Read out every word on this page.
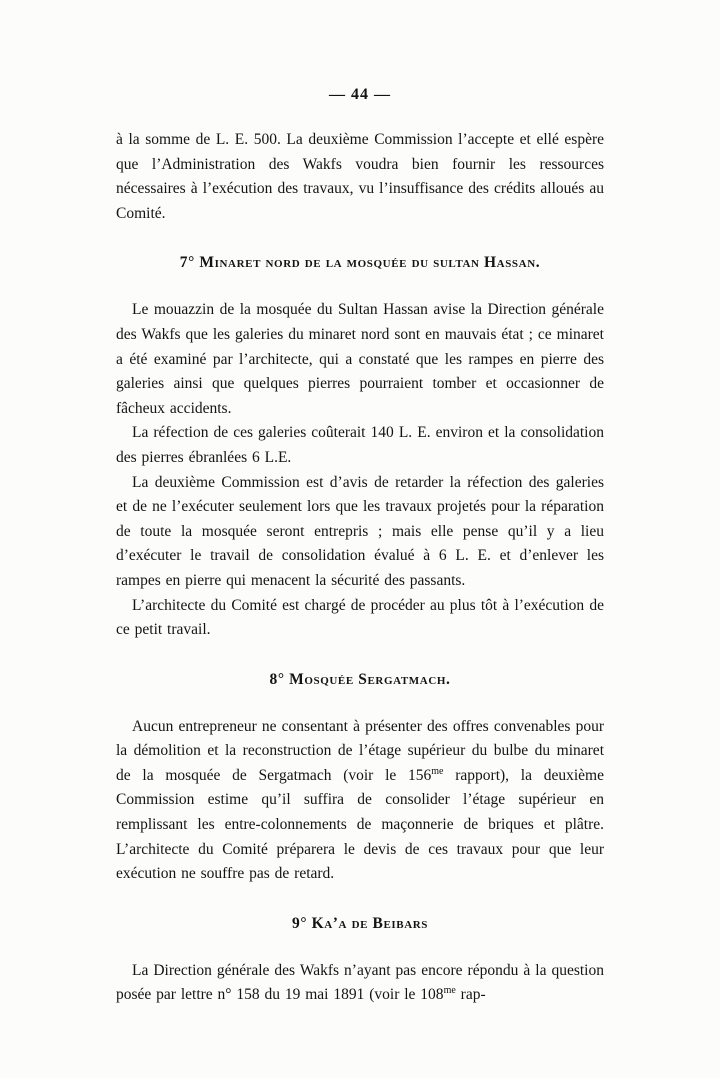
— 44 —

à la somme de L. E. 500. La deuxième Commission l’accepte et ellé espère que l’Administration des Wakfs voudra bien fournir les ressources nécessaires à l’exécution des travaux, vu l’insuffisance des crédits alloués au Comité.

7° Minaret nord de la mosquée du sultan Hassan.

Le mouazzin de la mosquée du Sultan Hassan avise la Direction générale des Wakfs que les galeries du minaret nord sont en mauvais état ; ce minaret a été examiné par l’architecte, qui a constaté que les rampes en pierre des galeries ainsi que quelques pierres pourraient tomber et occasionner de fâcheux accidents.

La réfection de ces galeries coûterait 140 L. E. environ et la consolidation des pierres ébranlées 6 L.E.

La deuxième Commission est d’avis de retarder la réfection des galeries et de ne l’exécuter seulement lors que les travaux projetés pour la réparation de toute la mosquée seront entrepris ; mais elle pense qu’il y a lieu d’exécuter le travail de consolidation évalué à 6 L. E. et d’enlever les rampes en pierre qui menacent la sécurité des passants.

L’architecte du Comité est chargé de procéder au plus tôt à l’exécution de ce petit travail.

8° Mosquée Sergatmach.

Aucun entrepreneur ne consentant à présenter des offres convenables pour la démolition et la reconstruction de l’étage supérieur du bulbe du minaret de la mosquée de Sergatmach (voir le $156^{me}$ rapport), la deuxième Commission estime qu’il suffira de consolider l’étage supérieur en remplissant les entre-colonnements de maçonnerie de briques et plâtre. L’architecte du Comité préparera le devis de ces travaux pour que leur exécution ne souffre pas de retard.

9° Ka’a de Beibars

La Direction générale des Wakfs n’ayant pas encore répondu à la question posée par lettre n° 158 du 19 mai 1891 (voir le $108^{me}$ rap-
